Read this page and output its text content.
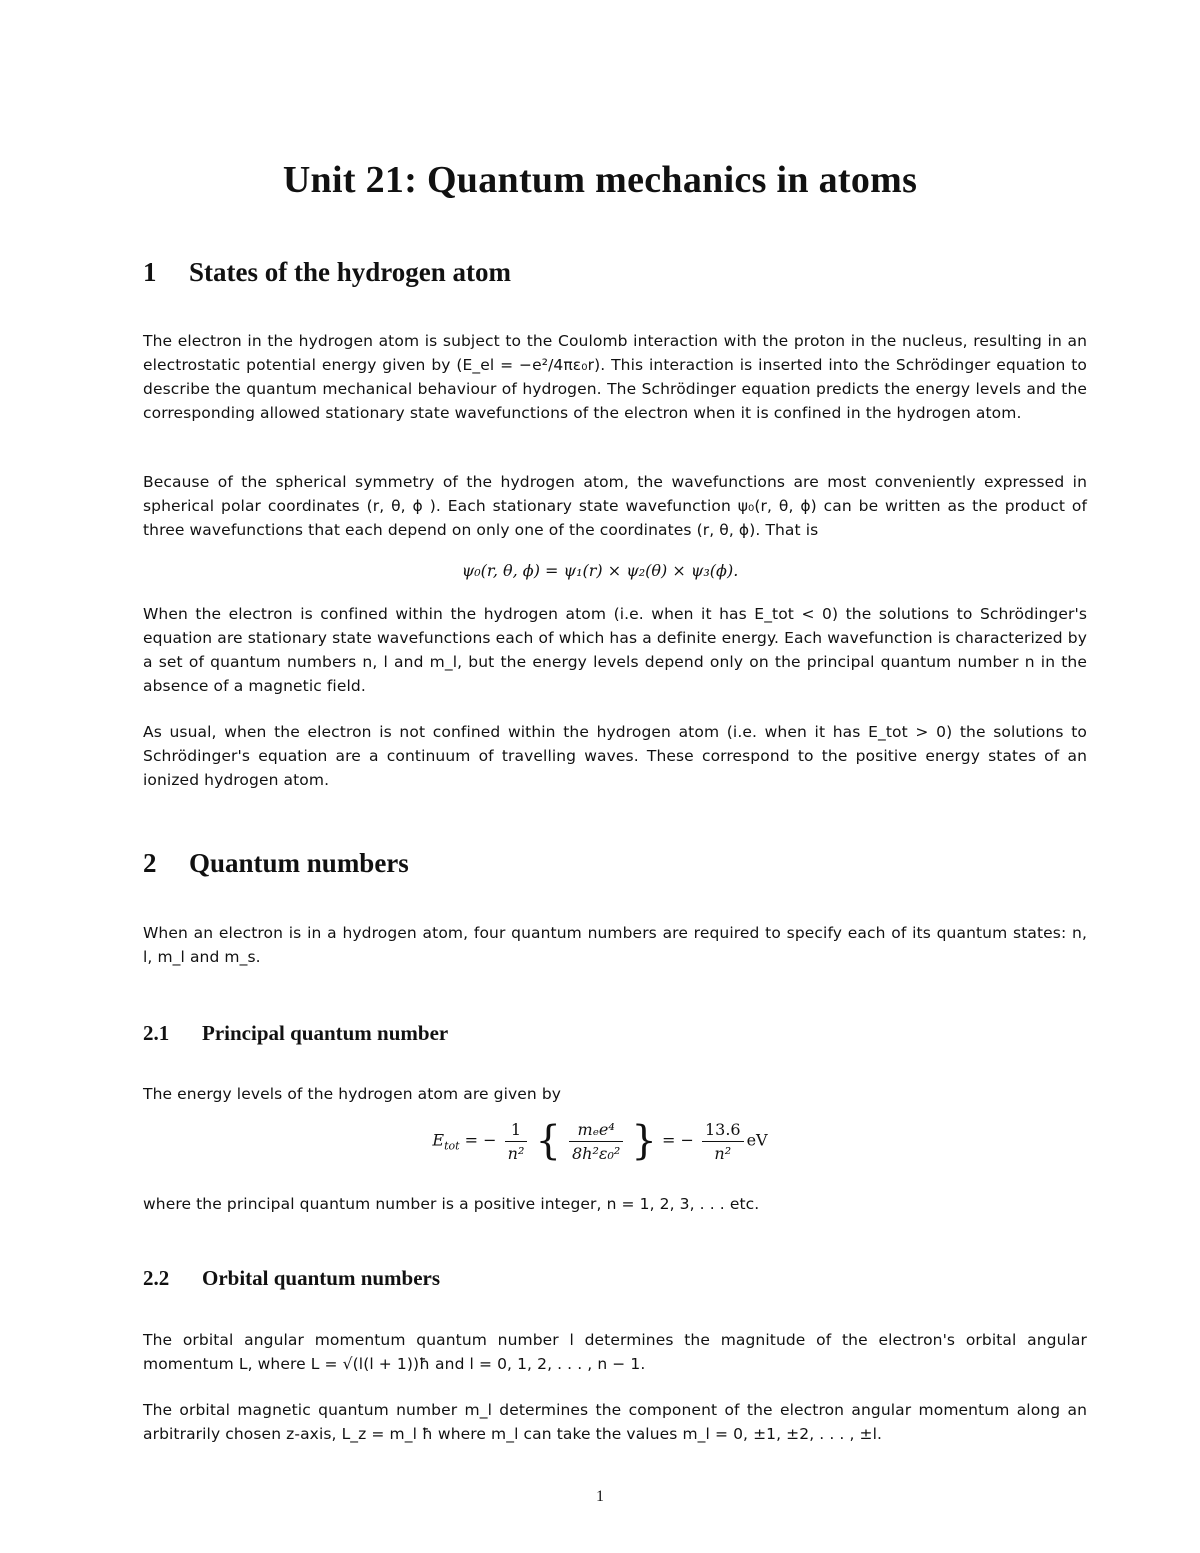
Unit 21: Quantum mechanics in atoms
1 States of the hydrogen atom
The electron in the hydrogen atom is subject to the Coulomb interaction with the proton in the nucleus, resulting in an electrostatic potential energy given by (E_el = −e²/4πε₀r). This interaction is inserted into the Schrödinger equation to describe the quantum mechanical behaviour of hydrogen. The Schrödinger equation predicts the energy levels and the corresponding allowed stationary state wavefunctions of the electron when it is confined in the hydrogen atom.
Because of the spherical symmetry of the hydrogen atom, the wavefunctions are most conveniently expressed in spherical polar coordinates (r, θ, ϕ ). Each stationary state wavefunction ψ₀(r, θ, ϕ) can be written as the product of three wavefunctions that each depend on only one of the coordinates (r, θ, ϕ). That is
ψ₀(r, θ, ϕ) = ψ₁(r) × ψ₂(θ) × ψ₃(ϕ).
When the electron is confined within the hydrogen atom (i.e. when it has E_tot < 0) the solutions to Schrödinger's equation are stationary state wavefunctions each of which has a definite energy. Each wavefunction is characterized by a set of quantum numbers n, l and m_l, but the energy levels depend only on the principal quantum number n in the absence of a magnetic field.
As usual, when the electron is not confined within the hydrogen atom (i.e. when it has E_tot > 0) the solutions to Schrödinger's equation are a continuum of travelling waves. These correspond to the positive energy states of an ionized hydrogen atom.
2 Quantum numbers
When an electron is in a hydrogen atom, four quantum numbers are required to specify each of its quantum states: n, l, m_l and m_s.
2.1 Principal quantum number
The energy levels of the hydrogen atom are given by
$E_{tot}$ = − $\frac{1}{\text{n²}}$ { $\frac{\text{mₑe⁴}}{\text{8h²ε₀²}}$ } = − $\frac{13.6}{\text{n²}}$ eV
where the principal quantum number is a positive integer, n = 1, 2, 3, . . . etc.
2.2 Orbital quantum numbers
The orbital angular momentum quantum number l determines the magnitude of the electron's orbital angular momentum L, where L = √(l(l + 1))ħ and l = 0, 1, 2, . . . , n − 1.
The orbital magnetic quantum number m_l determines the component of the electron angular momentum along an arbitrarily chosen z-axis, L_z = m_l ħ where m_l can take the values m_l = 0, ±1, ±2, . . . , ±l.
1
